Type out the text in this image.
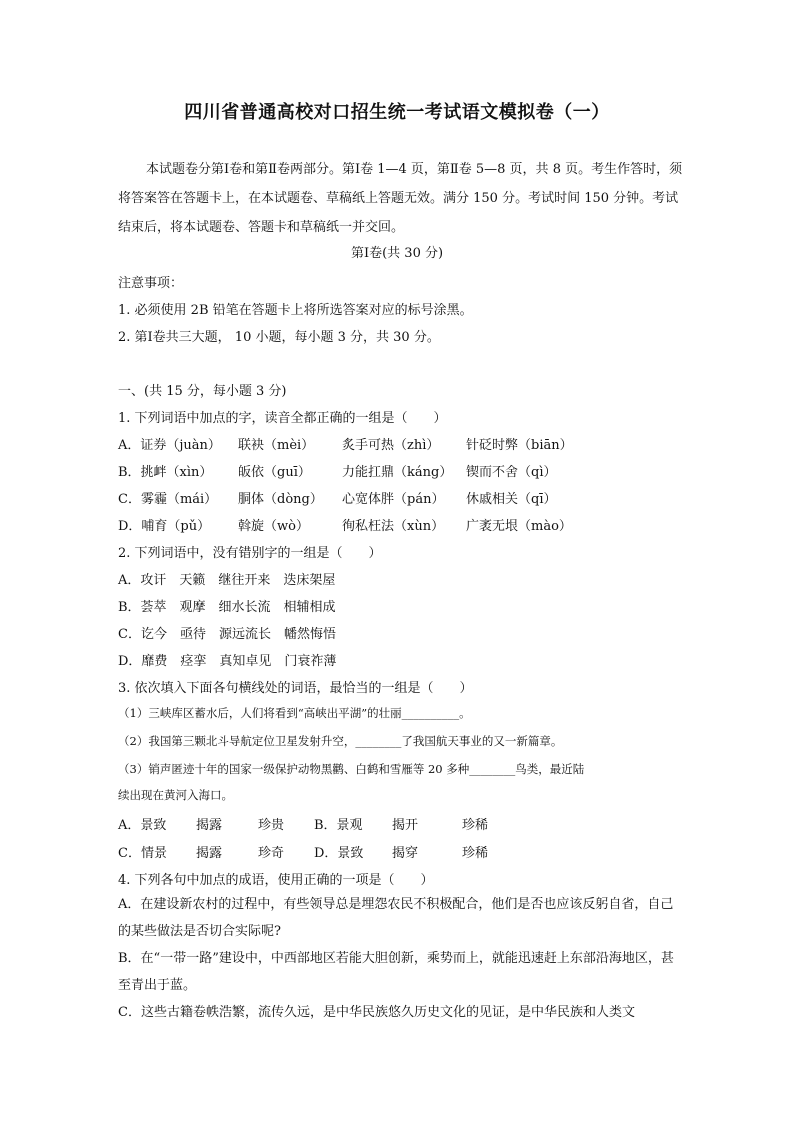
四川省普通高校对口招生统一考试语文模拟卷（一）
本试题卷分第Ⅰ卷和第Ⅱ卷两部分。第Ⅰ卷 1—4 页，第Ⅱ卷 5—8 页，共 8 页。考生作答时，须将答案答在答题卡上，在本试题卷、草稿纸上答题无效。满分 150 分。考试时间 150 分钟。考试结束后，将本试题卷、答题卡和草稿纸一并交回。
第Ⅰ卷(共 30 分)
注意事项：
1. 必须使用 2B 铅笔在答题卡上将所选答案对应的标号涂黑。
2. 第Ⅰ卷共三大题， 10 小题，每小题 3 分，共 30 分。
一、(共 15 分，每小题 3 分)
1. 下列词语中加点的字，读音全都正确的一组是（　　）
A．证券（juàn） 联袂（mèi） 炙手可热（zhì） 针砭时弊（biān）
B．挑衅（xìn） 皈依（guī） 力能扛鼎（káng） 锲而不舍（qì）
C．雾霾（mái） 胴体（dòng） 心宽体胖（pán） 休戚相关（qī）
D．哺育（pǔ） 斡旋（wò）	徇私枉法（xùn） 广袤无垠（mào）
2. 下列词语中，没有错别字的一组是（　　）
A．攻讦　天籁　继往开来　迭床架屋
B．荟萃　观摩　细水长流　相辅相成
C．讫今　亟待　源远流长　幡然悔悟
D．靡费　痉挛　真知卓见　门衰祚薄
3. 依次填入下面各句横线处的词语，最恰当的一组是（　　）
（1）三峡库区蓄水后，人们将看到“高峡出平湖”的壮丽__________。
（2）我国第三颗北斗导航定位卫星发射升空，________了我国航天事业的又一新篇章。
（3）销声匿迹十年的国家一级保护动物黑鹳、白鹤和雪雁等 20 多种________鸟类，最近陆
续出现在黄河入海口。
A．景致 揭露	珍贵 B．景观 揭开	珍稀
C．情景 揭露	珍奇 D．景致 揭穿	珍稀
4. 下列各句中加点的成语，使用正确的一项是（　　）
A．在建设新农村的过程中，有些领导总是埋怨农民不积极配合，他们是否也应该反躬自省，自己的某些做法是否切合实际呢?
B．在“一带一路”建设中，中西部地区若能大胆创新，乘势而上，就能迅速赶上东部沿海地区，甚至青出于蓝。
C．这些古籍卷帙浩繁，流传久远，是中华民族悠久历史文化的见证，是中华民族和人类文
